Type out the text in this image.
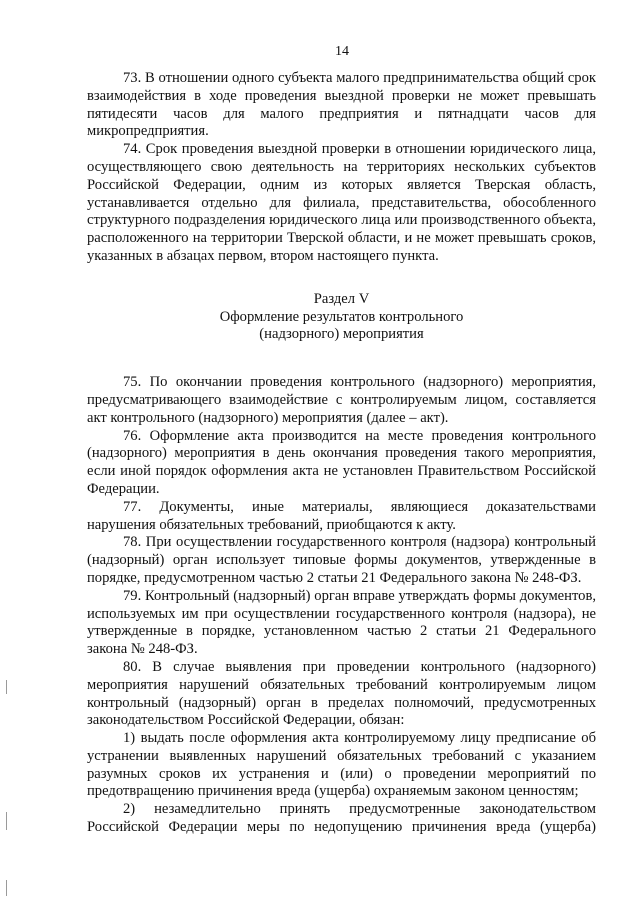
14

73. В отношении одного субъекта малого предпринимательства общий срок взаимодействия в ходе проведения выездной проверки не может превышать пятидесяти часов для малого предприятия и пятнадцати часов для микропредприятия.

74. Срок проведения выездной проверки в отношении юридического лица, осуществляющего свою деятельность на территориях нескольких субъектов Российской Федерации, одним из которых является Тверская область, устанавливается отдельно для филиала, представительства, обособленного структурного подразделения юридического лица или производственного объекта, расположенного на территории Тверской области, и не может превышать сроков, указанных в абзацах первом, втором настоящего пункта.

Раздел V
Оформление результатов контрольного
(надзорного) мероприятия

75. По окончании проведения контрольного (надзорного) мероприятия, предусматривающего взаимодействие с контролируемым лицом, составляется акт контрольного (надзорного) мероприятия (далее – акт).

76. Оформление акта производится на месте проведения контрольного (надзорного) мероприятия в день окончания проведения такого мероприятия, если иной порядок оформления акта не установлен Правительством Российской Федерации.

77. Документы, иные материалы, являющиеся доказательствами нарушения обязательных требований, приобщаются к акту.

78. При осуществлении государственного контроля (надзора) контрольный (надзорный) орган использует типовые формы документов, утвержденные в порядке, предусмотренном частью 2 статьи 21 Федерального закона № 248-ФЗ.

79. Контрольный (надзорный) орган вправе утверждать формы документов, используемых им при осуществлении государственного контроля (надзора), не утвержденные в порядке, установленном частью 2 статьи 21 Федерального закона № 248-ФЗ.

80. В случае выявления при проведении контрольного (надзорного) мероприятия нарушений обязательных требований контролируемым лицом контрольный (надзорный) орган в пределах полномочий, предусмотренных законодательством Российской Федерации, обязан:

1) выдать после оформления акта контролируемому лицу предписание об устранении выявленных нарушений обязательных требований с указанием разумных сроков их устранения и (или) о проведении мероприятий по предотвращению причинения вреда (ущерба) охраняемым законом ценностям;

2) незамедлительно принять предусмотренные законодательством Российской Федерации меры по недопущению причинения вреда (ущерба)
